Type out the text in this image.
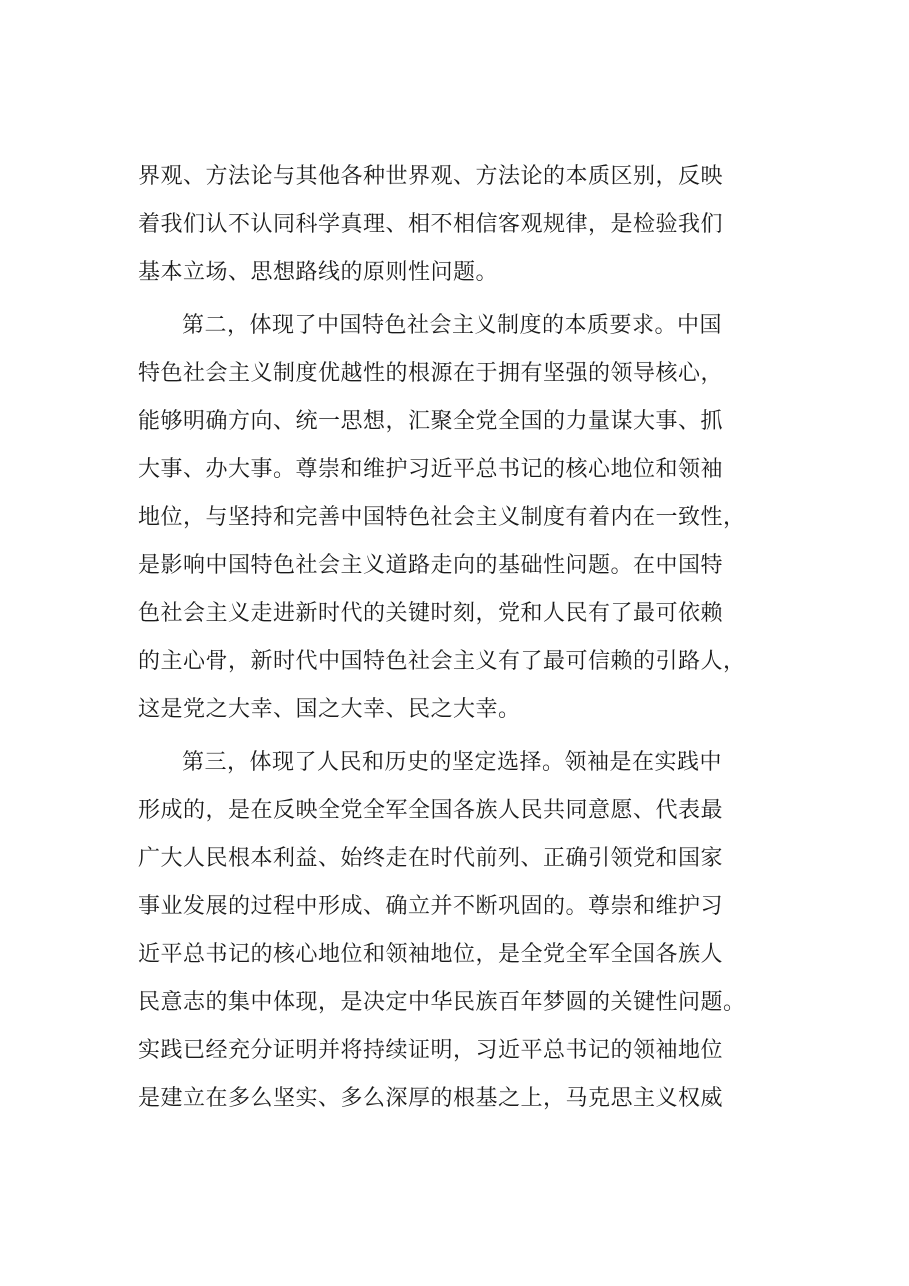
界观、方法论与其他各种世界观、方法论的本质区别，反映
着我们认不认同科学真理、相不相信客观规律，是检验我们
基本立场、思想路线的原则性问题。
第二，体现了中国特色社会主义制度的本质要求。中国
特色社会主义制度优越性的根源在于拥有坚强的领导核心，
能够明确方向、统一思想，汇聚全党全国的力量谋大事、抓
大事、办大事。尊崇和维护习近平总书记的核心地位和领袖
地位，与坚持和完善中国特色社会主义制度有着内在一致性，
是影响中国特色社会主义道路走向的基础性问题。在中国特
色社会主义走进新时代的关键时刻，党和人民有了最可依赖
的主心骨，新时代中国特色社会主义有了最可信赖的引路人，
这是党之大幸、国之大幸、民之大幸。
第三，体现了人民和历史的坚定选择。领袖是在实践中
形成的，是在反映全党全军全国各族人民共同意愿、代表最
广大人民根本利益、始终走在时代前列、正确引领党和国家
事业发展的过程中形成、确立并不断巩固的。尊崇和维护习
近平总书记的核心地位和领袖地位，是全党全军全国各族人
民意志的集中体现，是决定中华民族百年梦圆的关键性问题。
实践已经充分证明并将持续证明，习近平总书记的领袖地位
是建立在多么坚实、多么深厚的根基之上，马克思主义权威
